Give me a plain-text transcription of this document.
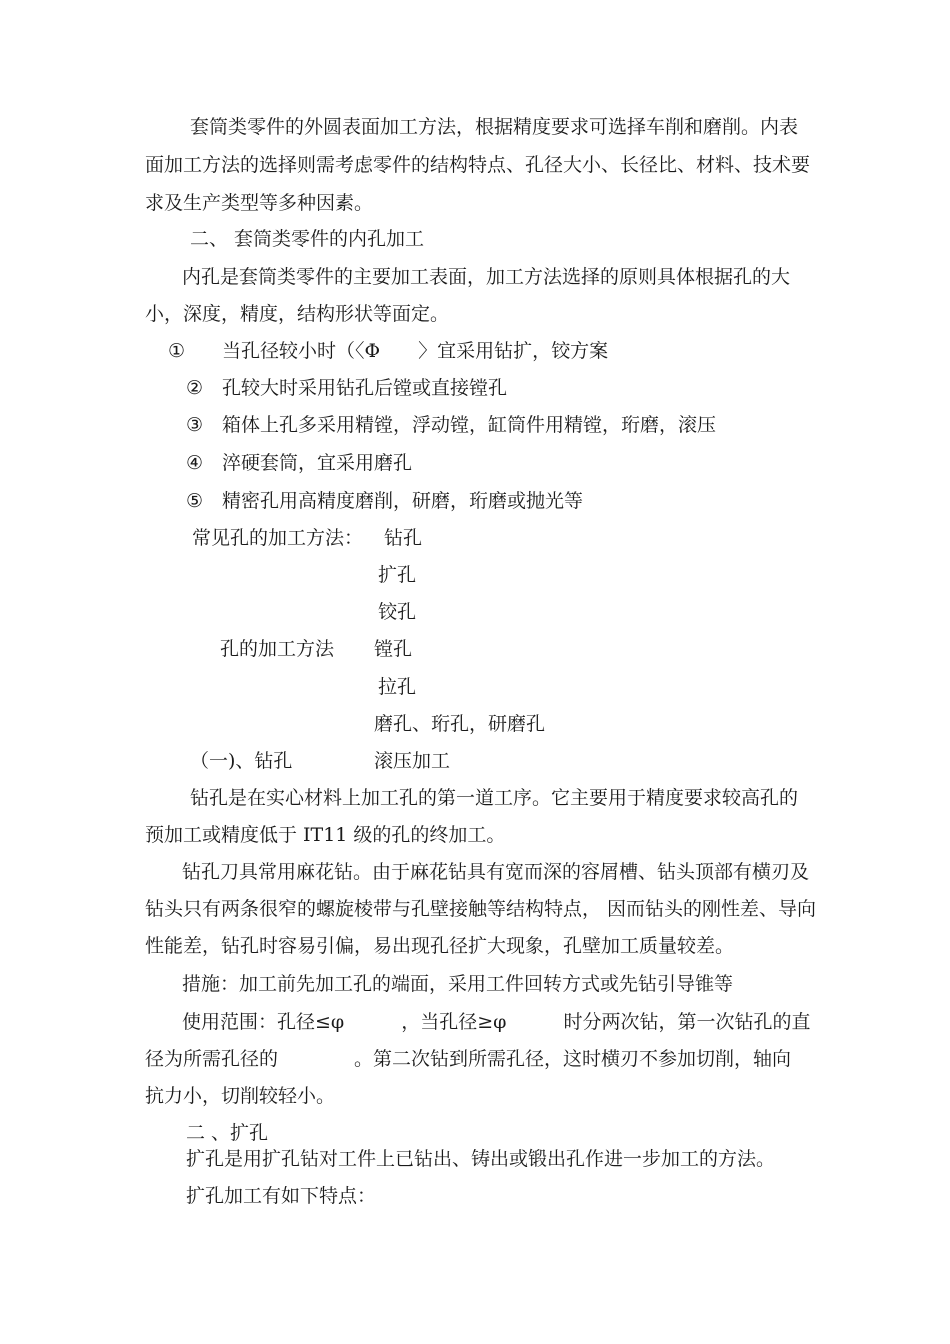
套筒类零件的外圆表面加工方法，根据精度要求可选择车削和磨削。内表
面加工方法的选择则需考虑零件的结构特点、孔径大小、长径比、材料、技术要
求及生产类型等多种因素。
二、 套筒类零件的内孔加工
内孔是套筒类零件的主要加工表面，加工方法选择的原则具体根据孔的大
小，深度，精度，结构形状等面定。
① 当孔径较小时（〈Φ　　〉宜采用钻扩，铰方案
② 孔较大时采用钻孔后镗或直接镗孔
③ 箱体上孔多采用精镗，浮动镗，缸筒件用精镗，珩磨，滚压
④ 淬硬套筒，宜采用磨孔
⑤ 精密孔用高精度磨削，研磨，珩磨或抛光等
常见孔的加工方法： 钻孔
扩孔
铰孔
孔的加工方法 镗孔
拉孔
磨孔、珩孔，研磨孔
（一)、钻孔	滚压加工
钻孔是在实心材料上加工孔的第一道工序。它主要用于精度要求较高孔的
预加工或精度低于 IT11 级的孔的终加工。
钻孔刀具常用麻花钻。由于麻花钻具有宽而深的容屑槽、钻头顶部有横刃及
钻头只有两条很窄的螺旋棱带与孔壁接触等结构特点， 因而钻头的刚性差、导向
性能差，钻孔时容易引偏，易出现孔径扩大现象，孔壁加工质量较差。
措施：加工前先加工孔的端面，采用工件回转方式或先钻引导锥等
使用范围：孔径≤φ　　　，当孔径≥φ　　　时分两次钻，第一次钻孔的直
径为所需孔径的　　　　。第二次钻到所需孔径，这时横刃不参加切削，轴向
抗力小，切削较轻小。
二 、扩孔
扩孔是用扩孔钻对工件上已钻出、铸出或锻出孔作进一步加工的方法。
扩孔加工有如下特点：
